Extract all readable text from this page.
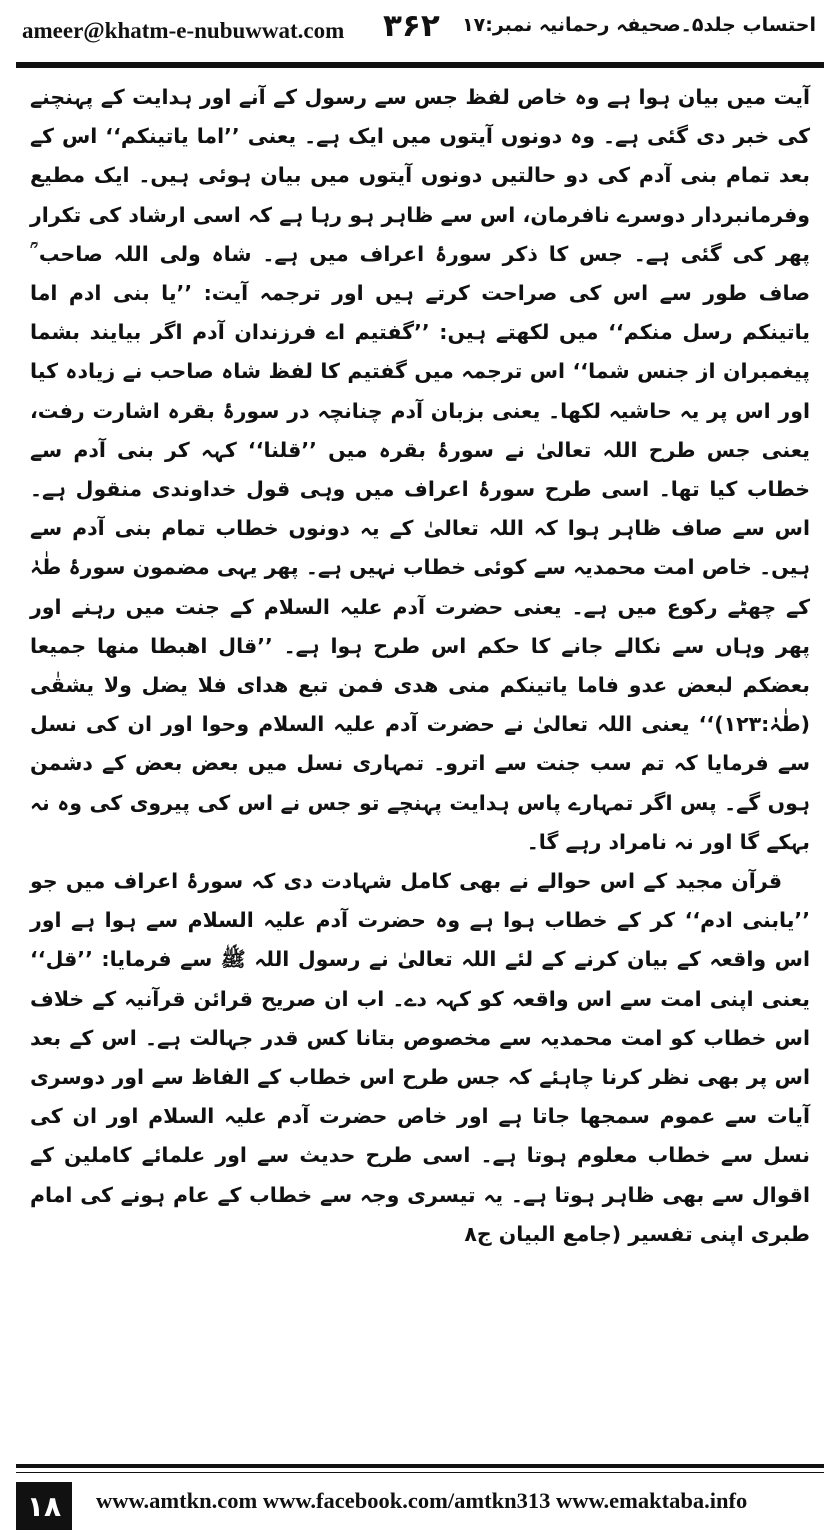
ameer@khatm-e-nubuwwat.com ۳۶۲ احتساب جلد۵۔صحیفہ رحمانیہ نمبر:۱۷

آیت میں بیان ہوا ہے وہ خاص لفظ جس سے رسول کے آنے اور ہدایت کے پہنچنے کی خبر دی گئی ہے۔ وہ دونوں آیتوں میں ایک ہے۔ یعنی ’’اما یاتینکم‘‘ اس کے بعد تمام بنی آدم کی دو حالتیں دونوں آیتوں میں بیان ہوئی ہیں۔ ایک مطیع وفرمانبردار دوسرے نافرمان، اس سے ظاہر ہو رہا ہے کہ اسی ارشاد کی تکرار پھر کی گئی ہے۔ جس کا ذکر سورۂ اعراف میں ہے۔ شاہ ولی اللہ صاحب ؒ صاف طور سے اس کی صراحت کرتے ہیں اور ترجمہ آیت: ’’یا بنی ادم اما یاتینکم رسل منکم‘‘ میں لکھتے ہیں: ’’گفتیم اے فرزندان آدم اگر بیایند بشما پیغمبران از جنس شما‘‘ اس ترجمہ میں گفتیم کا لفظ شاہ صاحب نے زیادہ کیا اور اس پر یہ حاشیہ لکھا۔ یعنی بزبان آدم چنانچہ در سورۂ بقرہ اشارت رفت، یعنی جس طرح اللہ تعالیٰ نے سورۂ بقرہ میں ’’قلنا‘‘ کہہ کر بنی آدم سے خطاب کیا تھا۔ اسی طرح سورۂ اعراف میں وہی قول خداوندی منقول ہے۔ اس سے صاف ظاہر ہوا کہ اللہ تعالیٰ کے یہ دونوں خطاب تمام بنی آدم سے ہیں۔ خاص امت محمدیہ سے کوئی خطاب نہیں ہے۔ پھر یہی مضمون سورۂ طٰہٰ کے چھٹے رکوع میں ہے۔ یعنی حضرت آدم علیہ السلام کے جنت میں رہنے اور پھر وہاں سے نکالے جانے کا حکم اس طرح ہوا ہے۔ ’’قال اھبطا منھا جمیعا بعضکم لبعض عدو فاما یاتینکم منی ھدی فمن تبع ھدای فلا یضل ولا یشقٰی (طٰہٰ:۱۲۳)‘‘ یعنی اللہ تعالیٰ نے حضرت آدم علیہ السلام وحوا اور ان کی نسل سے فرمایا کہ تم سب جنت سے اترو۔ تمہاری نسل میں بعض بعض کے دشمن ہوں گے۔ پس اگر تمہارے پاس ہدایت پہنچے تو جس نے اس کی پیروی کی وہ نہ بہکے گا اور نہ نامراد رہے گا۔

قرآن مجید کے اس حوالے نے بھی کامل شہادت دی کہ سورۂ اعراف میں جو ’’یابنی ادم‘‘ کر کے خطاب ہوا ہے وہ حضرت آدم علیہ السلام سے ہوا ہے اور اس واقعہ کے بیان کرنے کے لئے اللہ تعالیٰ نے رسول اللہ ﷺ سے فرمایا: ’’قل‘‘ یعنی اپنی امت سے اس واقعہ کو کہہ دے۔ اب ان صریح قرائن قرآنیہ کے خلاف اس خطاب کو امت محمدیہ سے مخصوص بتانا کس قدر جہالت ہے۔ اس کے بعد اس پر بھی نظر کرنا چاہئے کہ جس طرح اس خطاب کے الفاظ سے اور دوسری آیات سے عموم سمجھا جاتا ہے اور خاص حضرت آدم علیہ السلام اور ان کی نسل سے خطاب معلوم ہوتا ہے۔ اسی طرح حدیث سے اور علمائے کاملین کے اقوال سے بھی ظاہر ہوتا ہے۔ یہ تیسری وجہ سے خطاب کے عام ہونے کی امام طبری اپنی تفسیر (جامع البیان ج۸

۱۸	www.amtkn.com www.facebook.com/amtkn313 www.emaktaba.info
